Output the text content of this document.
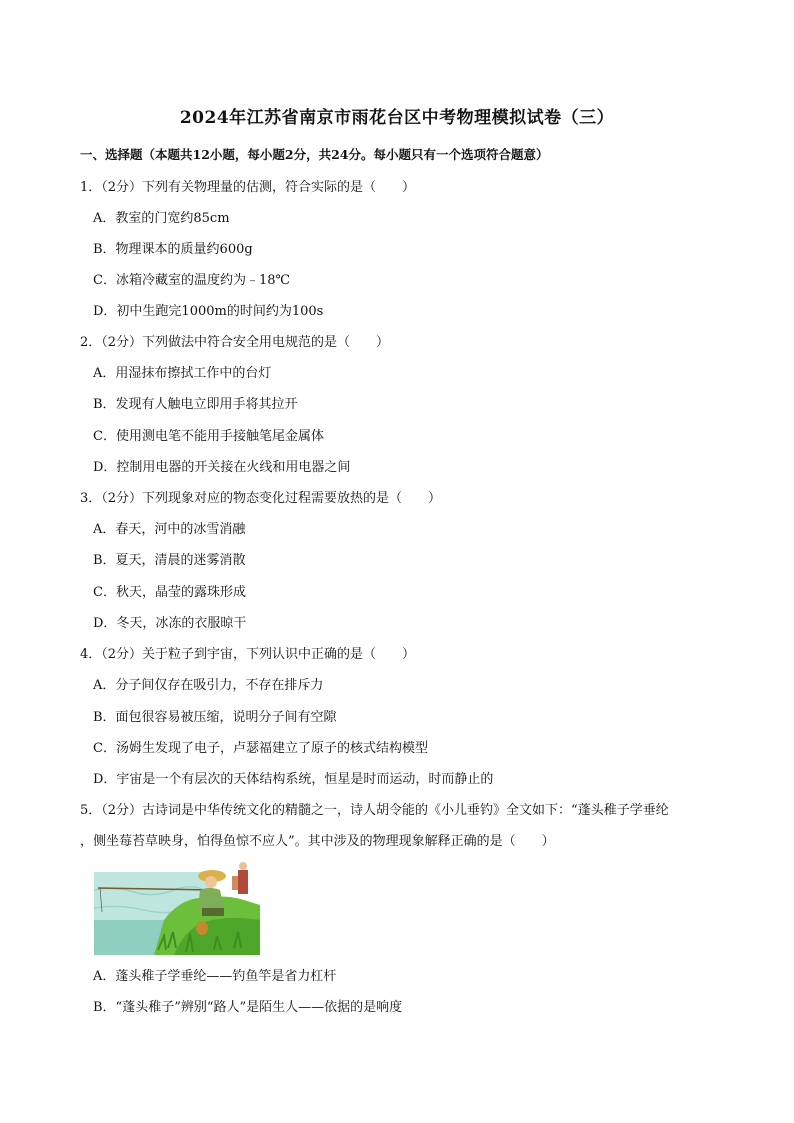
2024年江苏省南京市雨花台区中考物理模拟试卷（三）
一、选择题（本题共12小题，每小题2分，共24分。每小题只有一个选项符合题意）
1．（2分）下列有关物理量的估测，符合实际的是（　　）
A．教室的门宽约85cm
B．物理课本的质量约600g
C．冰箱冷藏室的温度约为﹣18℃
D．初中生跑完1000m的时间约为100s
2．（2分）下列做法中符合安全用电规范的是（　　）
A．用湿抹布擦拭工作中的台灯
B．发现有人触电立即用手将其拉开
C．使用测电笔不能用手接触笔尾金属体
D．控制用电器的开关接在火线和用电器之间
3．（2分）下列现象对应的物态变化过程需要放热的是（　　）
A．春天，河中的冰雪消融
B．夏天，清晨的迷雾消散
C．秋天，晶莹的露珠形成
D．冬天，冰冻的衣服晾干
4．（2分）关于粒子到宇宙，下列认识中正确的是（　　）
A．分子间仅存在吸引力，不存在排斥力
B．面包很容易被压缩，说明分子间有空隙
C．汤姆生发现了电子，卢瑟福建立了原子的核式结构模型
D．宇宙是一个有层次的天体结构系统，恒星是时而运动，时而静止的
5．（2分）古诗词是中华传统文化的精髓之一，诗人胡令能的《小儿垂钓》全文如下：“蓬头稚子学垂纶
，侧坐莓苔草映身，怕得鱼惊不应人”。其中涉及的物理现象解释正确的是（　　）
A．蓬头稚子学垂纶——钓鱼竿是省力杠杆
B．“蓬头稚子”辨别“路人”是陌生人——依据的是响度
